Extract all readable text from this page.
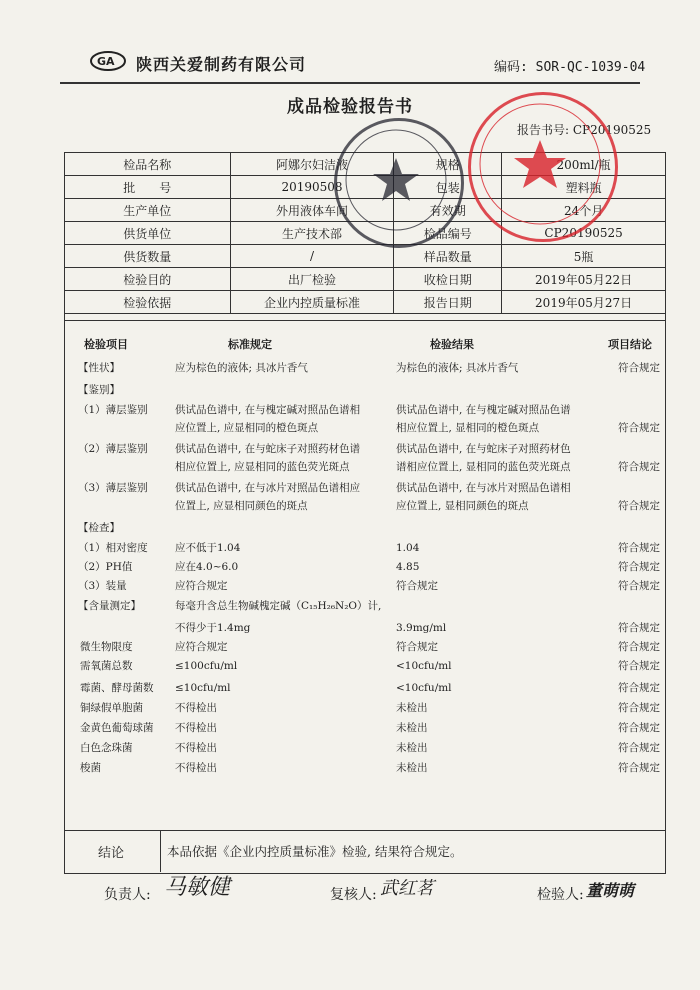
GA 陕西关爱制药有限公司	编码: SOR-QC-1039-04
成品检验报告书
报告书号: CP20190525
检品名称	阿娜尔妇洁液	规格	200ml/瓶
批　　号	20190508	包装	塑料瓶
生产单位	外用液体车间	有效期	24个月
供货单位	生产技术部	检品编号	CP20190525
供货数量	/	样品数量	5瓶
检验目的	出厂检验	收检日期	2019年05月22日
检验依据	企业内控质量标准	报告日期	2019年05月27日
检验项目	标准规定	检验结果	项目结论
【性状】	应为棕色的液体; 具冰片香气	为棕色的液体; 具冰片香气	符合规定
【鉴别】
（1）薄层鉴别	供试品色谱中, 在与槐定碱对照品色谱相	供试品色谱中, 在与槐定碱对照品色谱
应位置上, 应显相同的橙色斑点	相应位置上, 显相同的橙色斑点	符合规定
（2）薄层鉴别	供试品色谱中, 在与蛇床子对照药材色谱	供试品色谱中, 在与蛇床子对照药材色
相应位置上, 应显相同的蓝色荧光斑点	谱相应位置上, 显相同的蓝色荧光斑点	符合规定
（3）薄层鉴别	供试品色谱中, 在与冰片对照品色谱相应	供试品色谱中, 在与冰片对照品色谱相
位置上, 应显相同颜色的斑点	应位置上, 显相同颜色的斑点	符合规定
【检查】
（1）相对密度	应不低于1.04	1.04	符合规定
（2）PH值	应在4.0~6.0	4.85	符合规定
（3）装量	应符合规定	符合规定	符合规定
【含量测定】	每毫升含总生物碱槐定碱（C₁₅H₂₆N₂O）计,
不得少于1.4mg	3.9mg/ml	符合规定
微生物限度	应符合规定	符合规定	符合规定
需氧菌总数	≤100cfu/ml	<10cfu/ml	符合规定
霉菌、酵母菌数 ≤10cfu/ml	<10cfu/ml	符合规定
铜绿假单胞菌	不得检出	未检出	符合规定
金黄色葡萄球菌 不得检出	未检出	符合规定
白色念珠菌	不得检出	未检出	符合规定
梭菌	不得检出	未检出	符合规定
结论	本品依据《企业内控质量标准》检验, 结果符合规定。
负责人: 马敏健	复核人: 武红茗	检验人: 董萌萌
